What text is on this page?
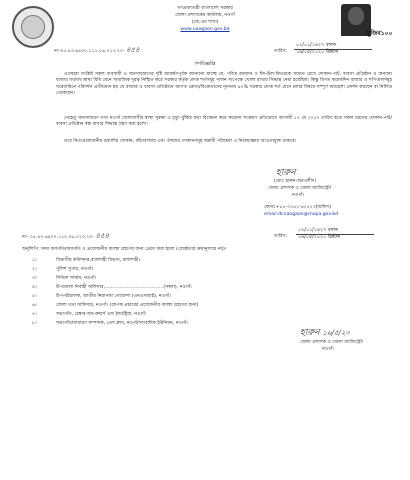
গণপ্রজাতন্ত্রী বাংলাদেশ সরকার
জেলা প্রশাসকের কার্যালয়, নওগাঁ
(জে,এম শাখা)
www.naogaon.gov.bd
মুজিব১০০
নং-০৫.৪৩.৬৪০০.১১২.০৬.০২৩.২০- ৪৫৪
০২/০১/১৪২৭ বঙ্গাব্দ
তারিখ: ১৬/০৫/২০২০ খ্রিষ্টাব্দ
গণবিজ্ঞপ্তি
এতদ্বারা সংশ্লিষ্ট সকল ব্যবসায়ী ও জনসাধারণের দৃষ্টি আকর্ষণপূর্বক জানানো যাচ্ছে যে, পবিত্র রমজান ও ঈদ-উল-ফিতরকে সামনে রেখে দোকান-পাট, ব্যবসা প্রতিষ্ঠান ও অন্যান্য বাজার যথাযথ স্বাস্থ্য বিধি মেনে সামাজিক দূরত্ব নিশ্চিত করে সরকার কর্তৃক প্রদত্ত শর্তসমূহ পালন সাপেক্ষে খোলা রাখার সিদ্ধান্ত নেয়া হয়েছিল। কিন্তু বিগত কয়েকদিন বাজার ও শপিংমলসমূহ সরেজমিনে পরিদর্শন প্রতীয়মান হয় যে বাজার ও ব্যবসা প্রতিষ্ঠানে আগত ক্রেতা/বিক্রেতাদের ন্যূনতম ৯০% সরকার প্রদত্ত শর্ত মেনে চলার বিষয়ে সম্পূর্ণ অবহেলা প্রদর্শন করছেন বা নির্লিপ্ত থেকেছেন।
সেহেতু জনসাধারণ তথা নওগাঁ জেলাবাসীর স্বাস্থ্য সুরক্ষা ও মৃত্যু ঝুঁকির কথা বিবেচনা করে করোনা সংক্রমণ প্রতিরোধে আগামী ১৭ মে ২০২০ তারিখ হতে সকল ধরনের দোকান-পাট/ব্যবসা প্রতিষ্ঠান বন্ধ রাখার সিদ্ধান্ত গ্রহণ করা হলো।
তবে নিত্যপ্রয়োজনীয় দ্রব্যাদির দোকান, কাঁচাবাজার এবং ঔষধের দোকানসমূহ জরুরী পরিষেবা এ নিষেধাজ্ঞার আওতামুক্ত থাকবে।
হারুন
(মোঃ হারুন-অর-রশীদ)
জেলা প্রশাসক ও জেলা ম্যাজিস্ট্রেট
নওগাঁ।
ফোনঃ+৮৮-০৭৪১-৬২৫২৩(অফিস)
email:dcnaogaon@mopa.gov.bd
নং- ০৫.৪৩.৬৪০০.১১২.০৬.০২৩.২০- ৪৫৪
০২/০১/১৪২৭ বঙ্গাব্দ
তারিখ: ১৬/০৫/২০২০ খ্রিষ্টাব্দ
অনুলিপি: সদয় অবগতি/অবগতি ও প্রয়োজনীয় ব্যবস্থা গ্রহণের জন্য প্রেরণ করা হলো (জ্যেষ্ঠতার ক্রমানুসারে নয়)।
১।	বিভাগীয় কমিশনার,রাজশাহী বিভাগ, রাজশাহী।
২।	পুলিশ সুপার, নওগাঁ।
৩।	সিভিল সার্জন, নওগাঁ।
৪।	উপজেলা নির্বাহী অফিসার,........................................(সকল), নওগাঁ।
৫।	উপপরিচালক, জাতীয় নিরাপত্তা গোয়েন্দা (এনএসআই), নওগাঁ।
৬।	জেলা তথ্য অফিসার, নওগাঁ। (ব্যাপক প্রচারের প্রয়োজনীয় ব্যবস্থা গ্রহণের জন্য)
৭।	সভাপতি, চেম্বার-অব-কমার্স এন্ড ইন্ডাষ্ট্রিজ, নওগাঁ।
৮।	সভাপতি/সাধারণ সম্পাদক, প্রেস ক্লাব, নওগাঁ/সাংবাদিক ইউনিয়ন, নওগাঁ।
হারুন ১৬/৫/২০
জেলা প্রশাসক ও জেলা ম্যাজিস্ট্রেট
নওগাঁ।
